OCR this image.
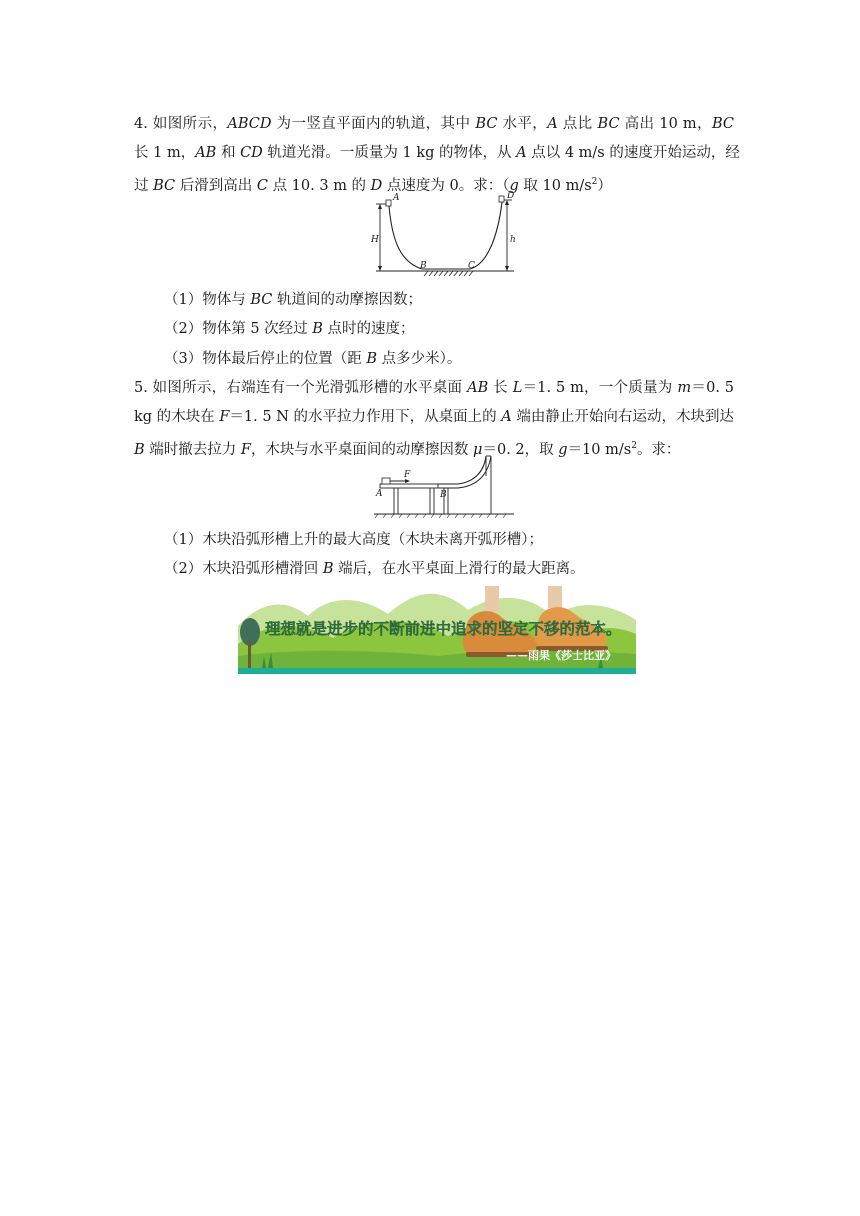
4. 如图所示，ABCD 为一竖直平面内的轨道，其中 BC 水平，A 点比 BC 高出 10 m，BC
长 1 m，AB 和 CD 轨道光滑。一质量为 1 kg 的物体，从 A 点以 4 m/s 的速度开始运动，经
过 BC 后滑到高出 C 点 10. 3 m 的 D 点速度为 0。求：（g 取 10 $m/s^2$）
A	D
H	h
B	C
（1）物体与 BC 轨道间的动摩擦因数；
（2）物体第 5 次经过 B 点时的速度；
（3）物体最后停止的位置（距 B 点多少米）。
5. 如图所示，右端连有一个光滑弧形槽的水平桌面 AB 长 L＝1. 5 m，一个质量为 m＝0. 5
kg 的木块在 F＝1. 5 N 的水平拉力作用下，从桌面上的 A 端由静止开始向右运动，木块到达
B 端时撤去拉力 F，木块与水平桌面间的动摩擦因数 μ＝0. 2，取 g＝10 $m/s^2$。求：
F
A	B
（1）木块沿弧形槽上升的最大高度（木块未离开弧形槽）；
（2）木块沿弧形槽滑回 B 端后，在水平桌面上滑行的最大距离。
理想就是进步的不断前进中追求的坚定不移的范本。
——雨果《莎士比亚》
